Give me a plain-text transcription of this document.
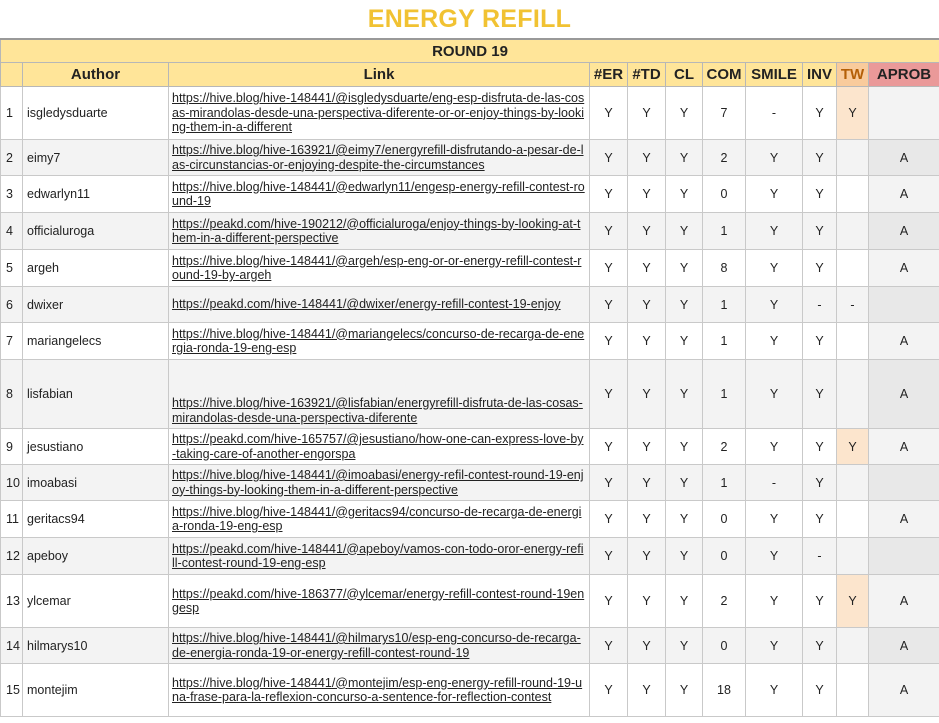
ENERGY REFILL
ROUND 19										
	Author	Link	#ER	#TD	CL	COM	SMILE	INV	TW	APROB
1	isgledysduarte	https://hive.blog/hive-148441/@isgledysduarte/eng-esp-disfruta-de-las-cosas-mirandolas-desde-una-perspectiva-diferente-or-or-enjoy-things-by-looking-them-in-a-different	Y	Y	Y	7	-	Y	Y	
2	eimy7	https://hive.blog/hive-163921/@eimy7/energyrefill-disfrutando-a-pesar-de-las-circunstancias-or-enjoying-despite-the-circumstances	Y	Y	Y	2	Y	Y		A
3	edwarlyn11	https://hive.blog/hive-148441/@edwarlyn11/engesp-energy-refill-contest-round-19	Y	Y	Y	0	Y	Y		A
4	officialuroga	https://peakd.com/hive-190212/@officialuroga/enjoy-things-by-looking-at-them-in-a-different-perspective	Y	Y	Y	1	Y	Y		A
5	argeh	https://hive.blog/hive-148441/@argeh/esp-eng-or-or-energy-refill-contest-round-19-by-argeh	Y	Y	Y	8	Y	Y		A
6	dwixer	https://peakd.com/hive-148441/@dwixer/energy-refill-contest-19-enjoy	Y	Y	Y	1	Y	-	-	
7	mariangelecs	https://hive.blog/hive-148441/@mariangelecs/concurso-de-recarga-de-energia-ronda-19-eng-esp	Y	Y	Y	1	Y	Y		A
8	lisfabian	https://hive.blog/hive-163921/@lisfabian/energyrefill-disfruta-de-las-cosas-mirandolas-desde-una-perspectiva-diferente	Y	Y	Y	1	Y	Y		A
9	jesustiano	https://peakd.com/hive-165757/@jesustiano/how-one-can-express-love-by-taking-care-of-another-engorspa	Y	Y	Y	2	Y	Y	Y	A
10	imoabasi	https://hive.blog/hive-148441/@imoabasi/energy-refil-contest-round-19-enjoy-things-by-looking-them-in-a-different-perspective	Y	Y	Y	1	-	Y		
11	geritacs94	https://hive.blog/hive-148441/@geritacs94/concurso-de-recarga-de-energia-ronda-19-eng-esp	Y	Y	Y	0	Y	Y		A
12	apeboy	https://peakd.com/hive-148441/@apeboy/vamos-con-todo-oror-energy-refill-contest-round-19-eng-esp	Y	Y	Y	0	Y	-		
13	ylcemar	https://peakd.com/hive-186377/@ylcemar/energy-refill-contest-round-19engesp	Y	Y	Y	2	Y	Y	Y	A
14	hilmarys10	https://hive.blog/hive-148441/@hilmarys10/esp-eng-concurso-de-recarga-de-energia-ronda-19-or-energy-refill-contest-round-19	Y	Y	Y	0	Y	Y		A
15	montejim	https://hive.blog/hive-148441/@montejim/esp-eng-energy-refill-round-19-una-frase-para-la-reflexion-concurso-a-sentence-for-reflection-contest	Y	Y	Y	18	Y	Y		A
